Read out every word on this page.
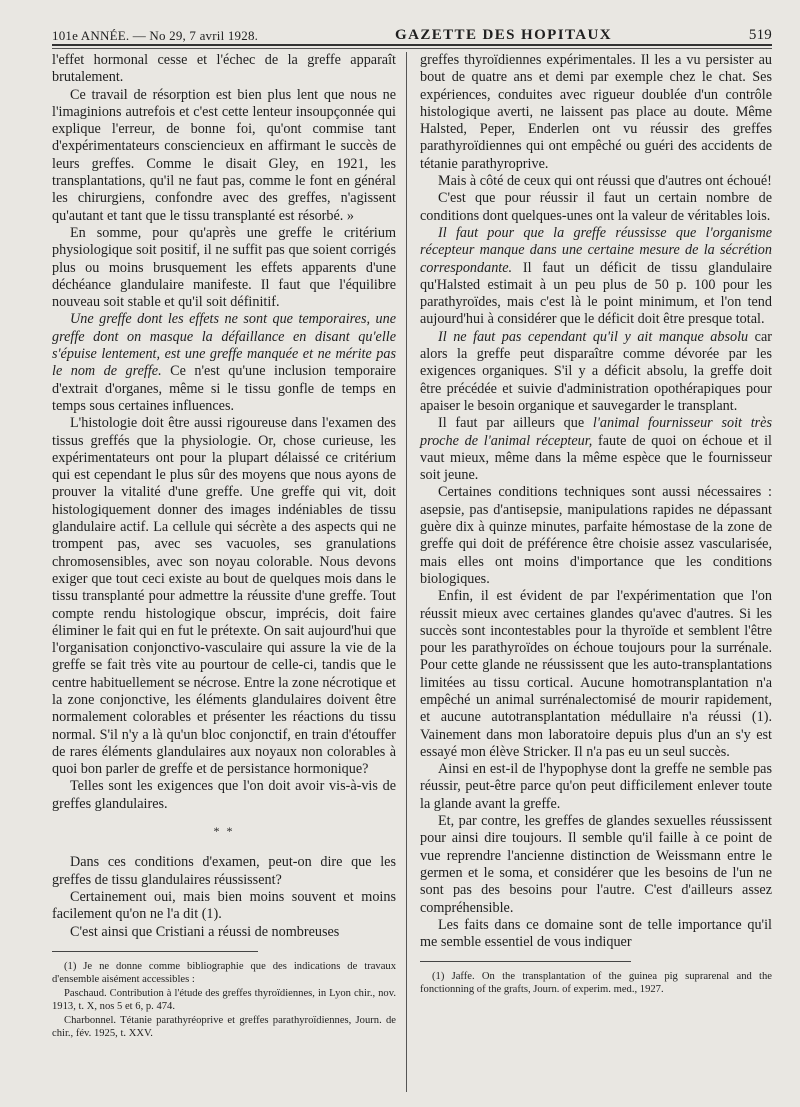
101e ANNÉE. — No 29, 7 avril 1928.	GAZETTE DES HOPITAUX	519

l'effet hormonal cesse et l'échec de la greffe apparaît brutalement.

Ce travail de résorption est bien plus lent que nous ne l'imaginions autrefois et c'est cette lenteur insoupçonnée qui explique l'erreur, de bonne foi, qu'ont commise tant d'expérimentateurs consciencieux en affirmant le succès de leurs greffes. Comme le disait Gley, en 1921, les transplantations, qu'il ne faut pas, comme le font en général les chirurgiens, confondre avec des greffes, n'agissent qu'autant et tant que le tissu transplanté est résorbé. »

En somme, pour qu'après une greffe le critérium physiologique soit positif, il ne suffit pas que soient corrigés plus ou moins brusquement les effets apparents d'une déchéance glandulaire manifeste. Il faut que l'équilibre nouveau soit stable et qu'il soit définitif.

Une greffe dont les effets ne sont que temporaires, une greffe dont on masque la défaillance en disant qu'elle s'épuise lentement, est une greffe manquée et ne mérite pas le nom de greffe. Ce n'est qu'une inclusion temporaire d'extrait d'organes, même si le tissu gonfle de temps en temps sous certaines influences.

L'histologie doit être aussi rigoureuse dans l'examen des tissus greffés que la physiologie. Or, chose curieuse, les expérimentateurs ont pour la plupart délaissé ce critérium qui est cependant le plus sûr des moyens que nous ayons de prouver la vitalité d'une greffe. Une greffe qui vit, doit histologiquement donner des images indéniables de tissu glandulaire actif. La cellule qui sécrète a des aspects qui ne trompent pas, avec ses vacuoles, ses granulations chromosensibles, avec son noyau colorable. Nous devons exiger que tout ceci existe au bout de quelques mois dans le tissu transplanté pour admettre la réussite d'une greffe. Tout compte rendu histologique obscur, imprécis, doit faire éliminer le fait qui en fut le prétexte. On sait aujourd'hui que l'organisation conjonctivo-vasculaire qui assure la vie de la greffe se fait très vite au pourtour de celle-ci, tandis que le centre habituellement se nécrose. Entre la zone nécrotique et la zone conjonctive, les éléments glandulaires doivent être normalement colorables et présenter les réactions du tissu normal. S'il n'y a là qu'un bloc conjonctif, en train d'étouffer de rares éléments glandulaires aux noyaux non colorables à quoi bon parler de greffe et de persistance hormonique?

Telles sont les exigences que l'on doit avoir vis-à-vis de greffes glandulaires.

* *

Dans ces conditions d'examen, peut-on dire que les greffes de tissu glandulaires réussissent?

Certainement oui, mais bien moins souvent et moins facilement qu'on ne l'a dit (1).

C'est ainsi que Cristiani a réussi de nombreuses

(1) Je ne donne comme bibliographie que des indications de travaux d'ensemble aisément accessibles :

Paschaud. Contribution à l'étude des greffes thyroïdiennes, in Lyon chir., nov. 1913, t. X, nos 5 et 6, p. 474.

Charbonnel. Tétanie parathyréoprive et greffes parathyroïdiennes, Journ. de chir., fév. 1925, t. XXV.

greffes thyroïdiennes expérimentales. Il les a vu persister au bout de quatre ans et demi par exemple chez le chat. Ses expériences, conduites avec rigueur doublée d'un contrôle histologique averti, ne laissent pas place au doute. Même Halsted, Peper, Enderlen ont vu réussir des greffes parathyroïdiennes qui ont empêché ou guéri des accidents de tétanie parathyroprive.

Mais à côté de ceux qui ont réussi que d'autres ont échoué!

C'est que pour réussir il faut un certain nombre de conditions dont quelques-unes ont la valeur de véritables lois.

Il faut pour que la greffe réussisse que l'organisme récepteur manque dans une certaine mesure de la sécrétion correspondante. Il faut un déficit de tissu glandulaire qu'Halsted estimait à un peu plus de 50 p. 100 pour les parathyroïdes, mais c'est là le point minimum, et l'on tend aujourd'hui à considérer que le déficit doit être presque total.

Il ne faut pas cependant qu'il y ait manque absolu car alors la greffe peut disparaître comme dévorée par les exigences organiques. S'il y a déficit absolu, la greffe doit être précédée et suivie d'administration opothérapiques pour apaiser le besoin organique et sauvegarder le transplant.

Il faut par ailleurs que l'animal fournisseur soit très proche de l'animal récepteur, faute de quoi on échoue et il vaut mieux, même dans la même espèce que le fournisseur soit jeune.

Certaines conditions techniques sont aussi nécessaires : asepsie, pas d'antisepsie, manipulations rapides ne dépassant guère dix à quinze minutes, parfaite hémostase de la zone de greffe qui doit de préférence être choisie assez vascularisée, mais elles ont moins d'importance que les conditions biologiques.

Enfin, il est évident de par l'expérimentation que l'on réussit mieux avec certaines glandes qu'avec d'autres. Si les succès sont incontestables pour la thyroïde et semblent l'être pour les parathyroïdes on échoue toujours pour la surrénale. Pour cette glande ne réussissent que les auto-transplantations limitées au tissu cortical. Aucune homotransplantation n'a empêché un animal surrénalectomisé de mourir rapidement, et aucune autotransplantation médullaire n'a réussi (1). Vainement dans mon laboratoire depuis plus d'un an s'y est essayé mon élève Stricker. Il n'a pas eu un seul succès.

Ainsi en est-il de l'hypophyse dont la greffe ne semble pas réussir, peut-être parce qu'on peut difficilement enlever toute la glande avant la greffe.

Et, par contre, les greffes de glandes sexuelles réussissent pour ainsi dire toujours. Il semble qu'il faille à ce point de vue reprendre l'ancienne distinction de Weissmann entre le germen et le soma, et considérer que les besoins de l'un ne sont pas des besoins pour l'autre. C'est d'ailleurs assez compréhensible.

Les faits dans ce domaine sont de telle importance qu'il me semble essentiel de vous indiquer

(1) Jaffe. On the transplantation of the guinea pig suprarenal and the fonctionning of the grafts, Journ. of experim. med., 1927.
